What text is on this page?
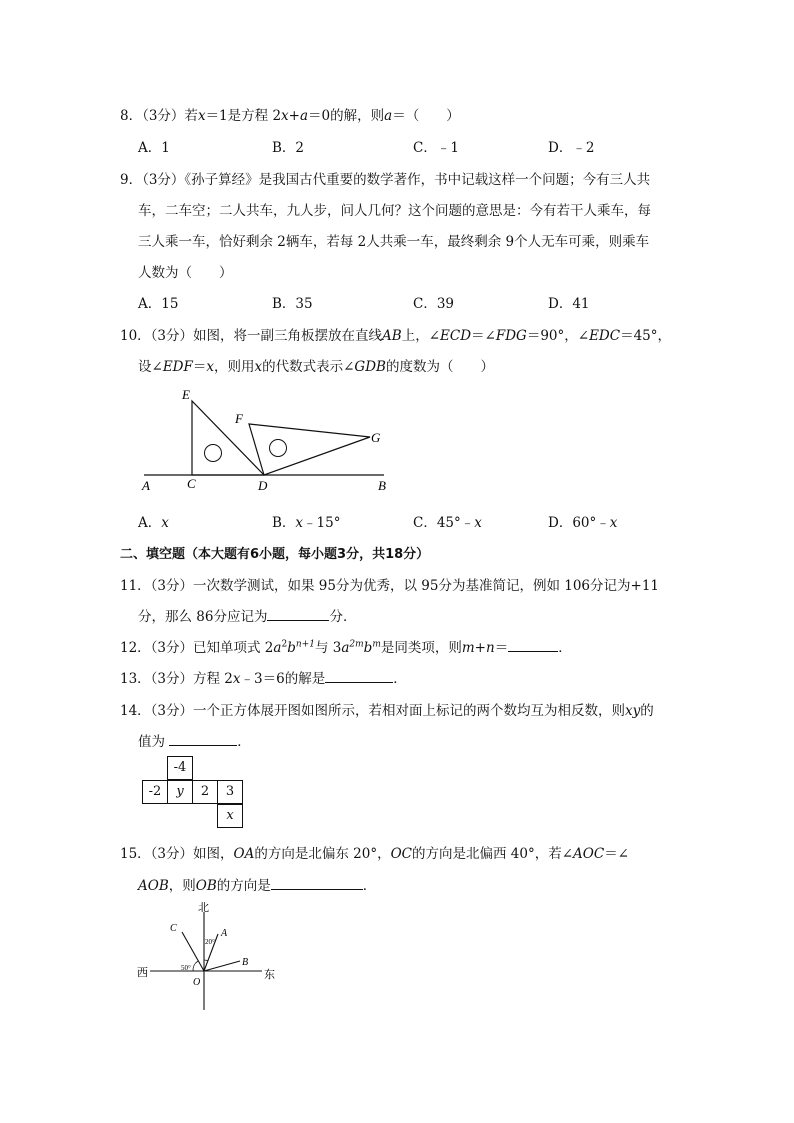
8．（3分）若x＝1是方程 2x+a＝0的解，则a＝（　　）
A．1	B．2	C．﹣1	D．﹣2
9．（3分）《孙子算经》是我国古代重要的数学著作，书中记载这样一个问题；今有三人共
车，二车空；二人共车，九人步，问人几何？这个问题的意思是：今有若干人乘车，每
三人乘一车，恰好剩余 2辆车，若每 2人共乘一车，最终剩余 9个人无车可乘，则乘车
人数为（　　）
A．15	B．35	C．39	D．41
10．（3分）如图，将一副三角板摆放在直线AB上，∠ECD＝∠FDG＝90°，∠EDC＝45°，
设∠EDF＝x，则用x的代数式表示∠GDB的度数为（　　）
E
F
G
A	C	D	B
A．x	B．x﹣15°	C．45°﹣x	D．60°﹣x
二、填空题（本大题有6小题，每小题3分，共18分）
11．（3分）一次数学测试，如果 95分为优秀，以 95分为基准简记，例如 106分记为+11
分，那么 86分应记为	分．
12．（3分）已知单项式 $2a^2b^{n+1}$与 $3a^{2m}b^m$是同类项，则m+n＝	．
13．（3分）方程 2x﹣3＝6的解是	．
14．（3分）一个正方体展开图如图所示，若相对面上标记的两个数均互为相反数，则xy的
值为	．
-4
-2	y	2	3
x
15．（3分）如图，OA的方向是北偏东 20°，OC的方向是北偏西 40°，若∠AOC＝∠
AOB，则OB的方向是	．
北
西	东
C	A
B
O
20°
50°
